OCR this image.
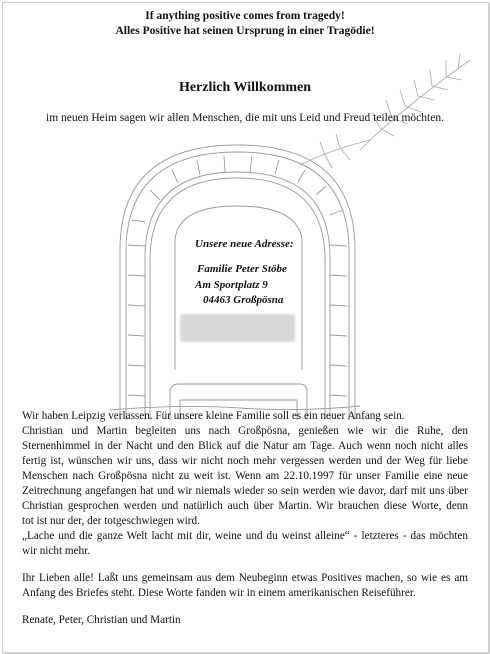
If anything positive comes from tragedy!
Alles Positive hat seinen Ursprung in einer Tragödie!
Herzlich Willkommen
im neuen Heim sagen wir allen Menschen, die mit uns Leid und Freud teilen möchten.
Unsere neue Adresse:
Familie Peter Stöbe
Am Sportplatz 9
04463 Großpösna
Wir haben Leipzig verlassen. Für unsere kleine Familie soll es ein neuer Anfang sein.
Christian und Martin begleiten uns nach Großpösna, genießen wie wir die Ruhe, den
Sternenhimmel in der Nacht und den Blick auf die Natur am Tage. Auch wenn noch nicht alles
fertig ist, wünschen wir uns, dass wir nicht noch mehr vergessen werden und der Weg für liebe
Menschen nach Großpösna nicht zu weit ist. Wenn am 22.10.1997 für unser Familie eine neue
Zeitrechnung angefangen hat und wir niemals wieder so sein werden wie davor, darf mit uns über
Christian gesprochen werden und natürlich auch über Martin. Wir brauchen diese Worte, denn
tot ist nur der, der totgeschwiegen wird.
„Lache und die ganze Welt lacht mit dir, weine und du weinst alleine“ - letzteres - das möchten
wir nicht mehr.
Ihr Lieben alle! Laßt uns gemeinsam aus dem Neubeginn etwas Positives machen, so wie es am
Anfang des Briefes steht. Diese Worte fanden wir in einem amerikanischen Reiseführer.
Renate, Peter, Christian und Martin
